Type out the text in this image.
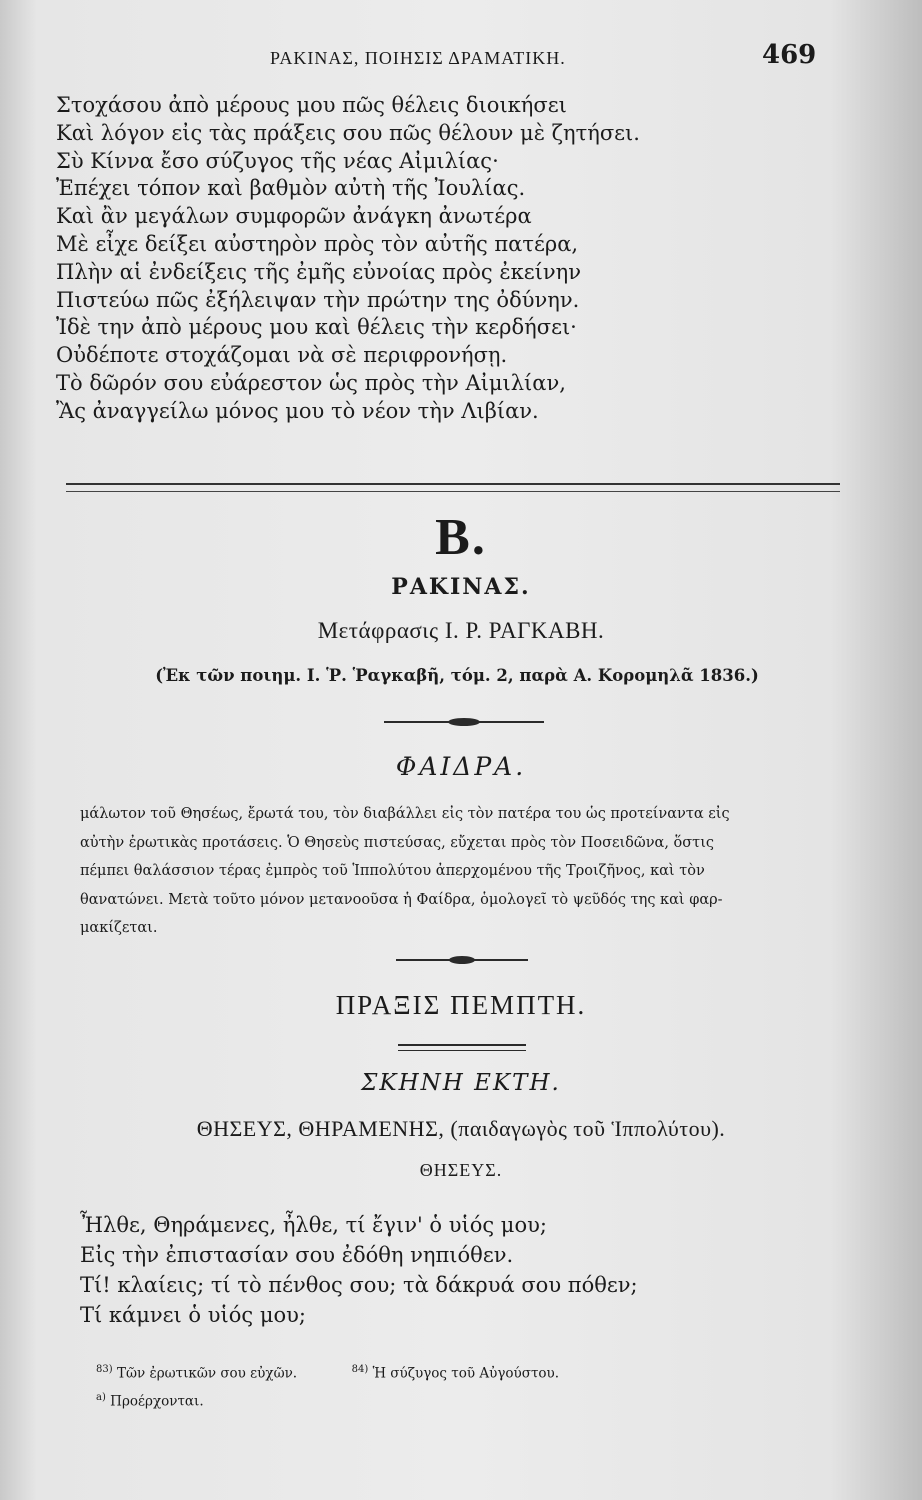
ΡΑΚΙΝΑΣ, ΠΟΙΗΣΙΣ ΔΡΑΜΑΤΙΚΗ.	469
Στοχάσου ἀπὸ μέρους μου πῶς θέλεις διοικήσει
Καὶ λόγον εἰς τὰς πράξεις σου πῶς θέλουν μὲ ζητήσει.
Σὺ Κίννα ἔσο σύζυγος τῆς νέας Αἰμιλίας·
Ἐπέχει τόπον καὶ βαθμὸν αὐτὴ τῆς Ἰουλίας.
Καὶ ἂν μεγάλων συμφορῶν ἀνάγκη ἀνωτέρα
Μὲ εἶχε δείξει αὐστηρὸν πρὸς τὸν αὐτῆς πατέρα,
Πλὴν αἱ ἐνδείξεις τῆς ἐμῆς εὐνοίας πρὸς ἐκείνην
Πιστεύω πῶς ἐξήλειψαν τὴν πρώτην της ὀδύνην.
Ἰδὲ την ἀπὸ μέρους μου καὶ θέλεις τὴν κερδήσει·
Οὐδέποτε στοχάζομαι νὰ σὲ περιφρονήσῃ.
Τὸ δῶρόν σου εὐάρεστον ὡς πρὸς τὴν Αἰμιλίαν,
Ἂς ἀναγγείλω μόνος μου τὸ νέον τὴν Λιβίαν.
B.
ΡΑΚΙΝΑΣ.
Μετάφρασις Ι. Ρ. ΡΑΓΚΑΒΗ.
(Ἐκ τῶν ποιημ. Ι. Ῥ. Ῥαγκαβῆ, τόμ. 2, παρὰ Α. Κορομηλᾶ 1836.)
ΦΑΙΔΡΑ.
μάλωτον τοῦ Θησέως, ἔρωτά του, τὸν διαβάλλει εἰς τὸν πατέρα του ὡς προτείναντα εἰς
αὐτὴν ἐρωτικὰς προτάσεις. Ὁ Θησεὺς πιστεύσας, εὔχεται πρὸς τὸν Ποσειδῶνα, ὅστις
πέμπει θαλάσσιον τέρας ἐμπρὸς τοῦ Ἱππολύτου ἀπερχομένου τῆς Τροιζῆνος, καὶ τὸν
θανατώνει. Μετὰ τοῦτο μόνον μετανοοῦσα ἡ Φαίδρα, ὁμολογεῖ τὸ ψεῦδός της καὶ φαρ-
μακίζεται.
ΠΡΑΞΙΣ ΠΕΜΠΤΗ.
ΣΚΗΝΗ ΕΚΤΗ.
ΘΗΣΕΥΣ, ΘΗΡΑΜΕΝΗΣ, (παιδαγωγὸς τοῦ Ἱππολύτου).
ΘΗΣΕΥΣ.
Ἦλθε, Θηράμενες, ἦλθε, τί ἔγιν' ὁ υἱός μου;
Εἰς τὴν ἐπιστασίαν σου ἐδόθη νηπιόθεν.
Τί! κλαίεις; τί τὸ πένθος σου; τὰ δάκρυά σου πόθεν;
Τί κάμνει ὁ υἱός μου;
$^{83)}$ Τῶν ἐρωτικῶν σου εὐχῶν.	$^{84)}$ Ἡ σύζυγος τοῦ Αὐγούστου.
$^{a)}$ Προέρχονται.
